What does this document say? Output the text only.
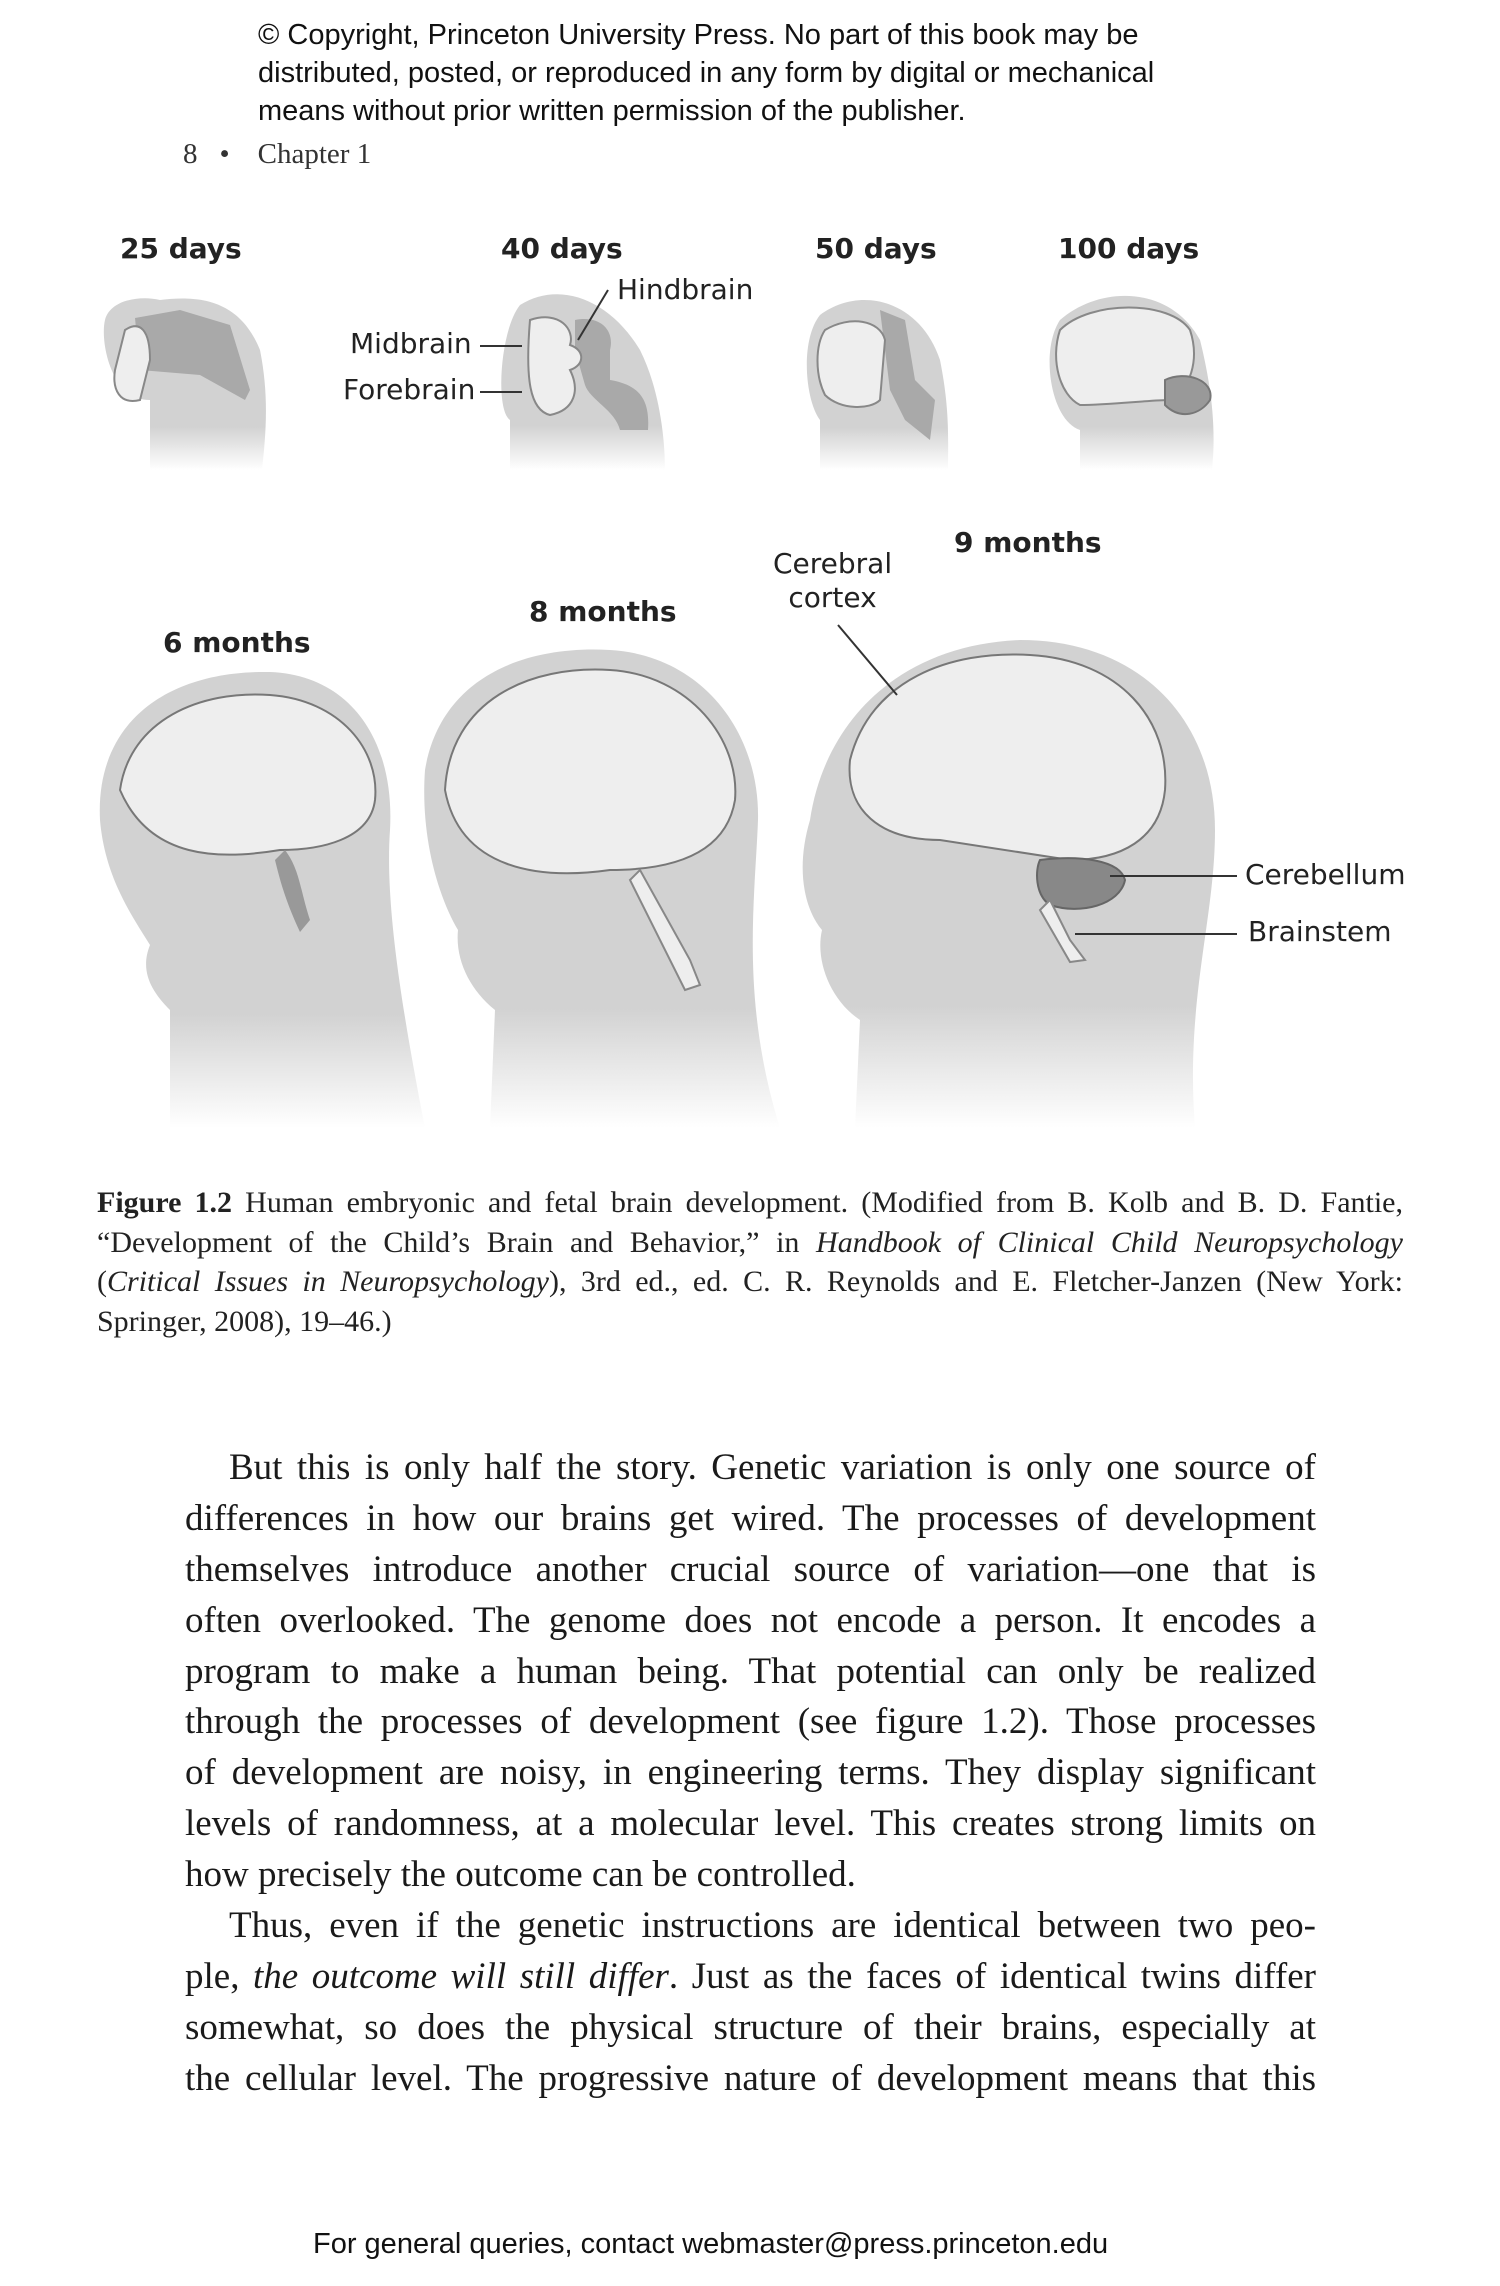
© Copyright, Princeton University Press. No part of this book may be
distributed, posted, or reproduced in any form by digital or mechanical
means without prior written permission of the publisher.
8 • Chapter 1
25 days	40 days	50 days	100 days
Hindbrain
Midbrain
Forebrain
9 months
Cerebral
cortex
8 months
6 months
Cerebellum
Brainstem
Figure 1.2 Human embryonic and fetal brain development. (Modified from B. Kolb and B. D. Fantie,
“Development of the Child’s Brain and Behavior,” in Handbook of Clinical Child Neuropsychology
(Critical Issues in Neuropsychology), 3rd ed., ed. C. R. Reynolds and E. Fletcher-Janzen (New York:
Springer, 2008), 19–46.)
But this is only half the story. Genetic variation is only one source of
differences in how our brains get wired. The processes of development
themselves introduce another crucial source of variation—one that is
often overlooked. The genome does not encode a person. It encodes a
program to make a human being. That potential can only be realized
through the processes of development (see figure 1.2). Those processes
of development are noisy, in engineering terms. They display significant
levels of randomness, at a molecular level. This creates strong limits on
how precisely the outcome can be controlled.
Thus, even if the genetic instructions are identical between two peo-
ple, the outcome will still differ. Just as the faces of identical twins differ
somewhat, so does the physical structure of their brains, especially at
the cellular level. The progressive nature of development means that this
For general queries, contact webmaster@press.princeton.edu
